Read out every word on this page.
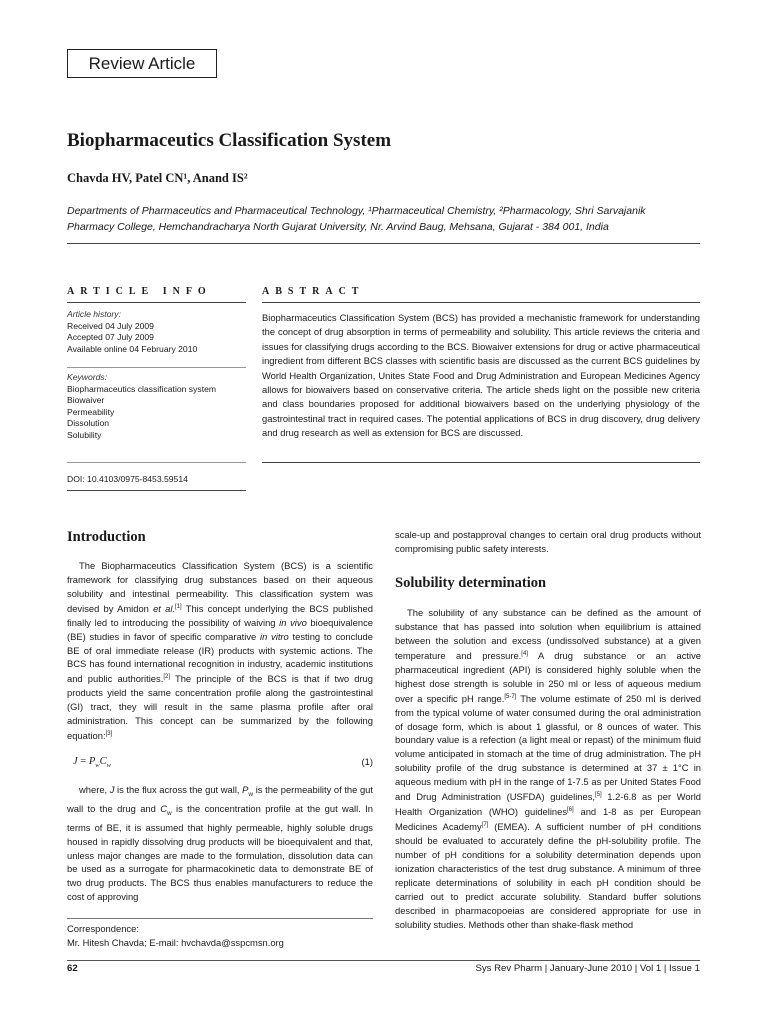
Review Article
Biopharmaceutics Classification System
Chavda HV, Patel CN¹, Anand IS²
Departments of Pharmaceutics and Pharmaceutical Technology, ¹Pharmaceutical Chemistry, ²Pharmacology, Shri Sarvajanik
Pharmacy College, Hemchandracharya North Gujarat University, Nr. Arvind Baug, Mehsana, Gujarat - 384 001, India
ARTICLE INFO
Article history:
Received 04 July 2009
Accepted 07 July 2009
Available online 04 February 2010
Keywords:
Biopharmaceutics classification system
Biowaiver
Permeability
Dissolution
Solubility
DOI: 10.4103/0975-8453.59514
ABSTRACT
Biopharmaceutics Classification System (BCS) has provided a mechanistic framework for understanding the concept of drug absorption in terms of permeability and solubility. This article reviews the criteria and issues for classifying drugs according to the BCS. Biowaiver extensions for drug or active pharmaceutical ingredient from different BCS classes with scientific basis are discussed as the current BCS guidelines by World Health Organization, Unites State Food and Drug Administration and European Medicines Agency allows for biowaivers based on conservative criteria. The article sheds light on the possible new criteria and class boundaries proposed for additional biowaivers based on the underlying physiology of the gastrointestinal tract in required cases. The potential applications of BCS in drug discovery, drug delivery and drug research as well as extension for BCS are discussed.
Introduction

The Biopharmaceutics Classification System (BCS) is a scientific framework for classifying drug substances based on their aqueous solubility and intestinal permeability. This classification system was devised by Amidon et al.[1] This concept underlying the BCS published finally led to introducing the possibility of waiving in vivo bioequivalence (BE) studies in favor of specific comparative in vitro testing to conclude BE of oral immediate release (IR) products with systemic actions. The BCS has found international recognition in industry, academic institutions and public authorities.[2] The principle of the BCS is that if two drug products yield the same concentration profile along the gastrointestinal (GI) tract, they will result in the same plasma profile after oral administration. This concept can be summarized by the following equation:[3]

$J = P_wC_w$	(1)

where, J is the flux across the gut wall, $P_w$ is the permeability of the gut wall to the drug and $C_w$ is the concentration profile at the gut wall. In terms of BE, it is assumed that highly permeable, highly soluble drugs housed in rapidly dissolving drug products will be bioequivalent and that, unless major changes are made to the formulation, dissolution data can be used as a surrogate for pharmacokinetic data to demonstrate BE of two drug products. The BCS thus enables manufacturers to reduce the cost of approving

Correspondence:
Mr. Hitesh Chavda; E-mail: hvchavda@sspcmsn.org

scale-up and postapproval changes to certain oral drug products without compromising public safety interests.

Solubility determination

The solubility of any substance can be defined as the amount of substance that has passed into solution when equilibrium is attained between the solution and excess (undissolved substance) at a given temperature and pressure.[4] A drug substance or an active pharmaceutical ingredient (API) is considered highly soluble when the highest dose strength is soluble in 250 ml or less of aqueous medium over a specific pH range.[5-7] The volume estimate of 250 ml is derived from the typical volume of water consumed during the oral administration of dosage form, which is about 1 glassful, or 8 ounces of water. This boundary value is a refection (a light meal or repast) of the minimum fluid volume anticipated in stomach at the time of drug administration. The pH solubility profile of the drug substance is determined at 37 ± 1°C in aqueous medium with pH in the range of 1-7.5 as per United States Food and Drug Administration (USFDA) guidelines,[5] 1.2-6.8 as per World Health Organization (WHO) guidelines[6] and 1-8 as per European Medicines Academy[7] (EMEA). A sufficient number of pH conditions should be evaluated to accurately define the pH-solubility profile. The number of pH conditions for a solubility determination depends upon ionization characteristics of the test drug substance. A minimum of three replicate determinations of solubility in each pH condition should be carried out to predict accurate solubility. Standard buffer solutions described in pharmacopoeias are considered appropriate for use in solubility studies. Methods other than shake-flask method

62	Sys Rev Pharm | January-June 2010 | Vol 1 | Issue 1
